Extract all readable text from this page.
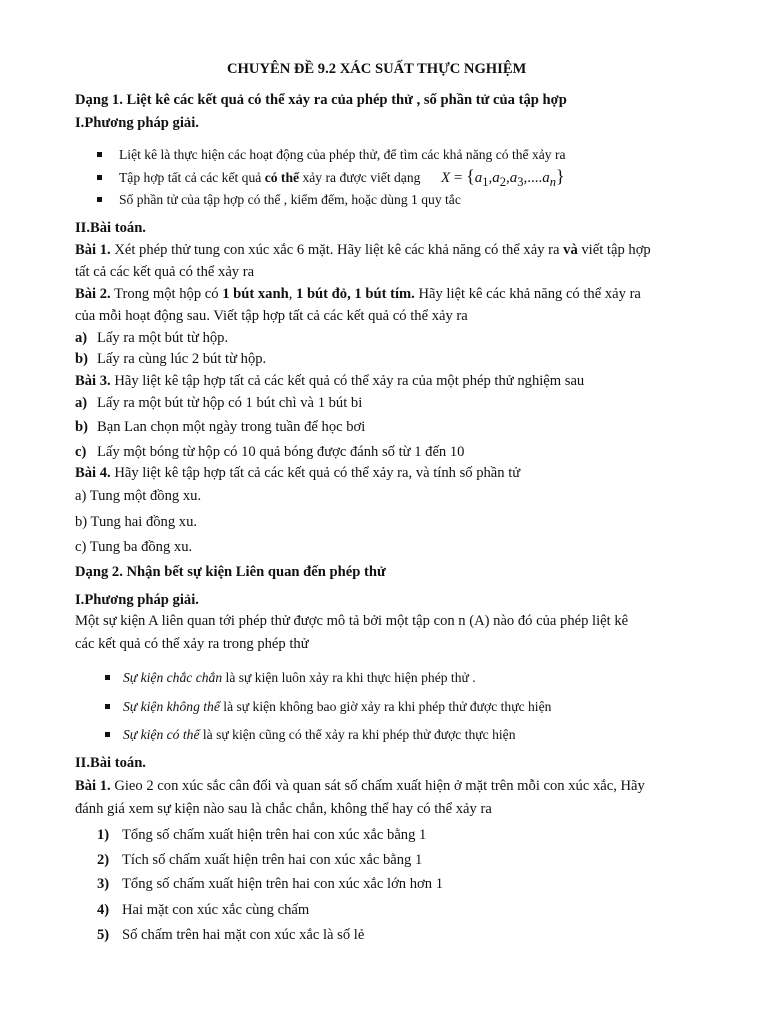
CHUYÊN ĐỀ 9.2 XÁC SUẤT THỰC NGHIỆM
Dạng 1. Liệt kê các kết quả có thể xảy ra của phép thử , số phần tử của tập hợp
I.Phương pháp giải.
Liệt kê là thực hiện các hoạt động của phép thử, để tìm các khả năng có thể xảy ra
Tập hợp tất cả các kết quả có thể xảy ra được viết dạng $X = \{a_1,a_2,a_3,....a_n\}$
Số phần tử của tập hợp có thể , kiểm đếm, hoặc dùng 1 quy tắc
II.Bài toán.
Bài 1. Xét phép thử tung con xúc xắc 6 mặt. Hãy liệt kê các khả năng có thể xảy ra và viết tập hợp
tất cả các kết quả có thể xảy ra
Bài 2. Trong một hộp có 1 bút xanh, 1 bút đỏ, 1 bút tím. Hãy liệt kê các khả năng có thể xảy ra
của mỗi hoạt động sau. Viết tập hợp tất cả các kết quả có thể xảy ra
a) Lấy ra một bút từ hộp.
b) Lấy ra cùng lúc 2 bút từ hộp.
Bài 3. Hãy liệt kê tập hợp tất cả các kết quả có thể xảy ra của một phép thử nghiệm sau
a) Lấy ra một bút từ hộp có 1 bút chì và 1 bút bi
b) Bạn Lan chọn một ngày trong tuần để học bơi
c) Lấy một bóng từ hộp có 10 quả bóng được đánh số từ 1 đến 10
Bài 4. Hãy liệt kê tập hợp tất cả các kết quả có thể xảy ra, và tính số phần tử
a) Tung một đồng xu.
b) Tung hai đồng xu.
c) Tung ba đồng xu.
Dạng 2. Nhận bết sự kiện Liên quan đến phép thử
I.Phương pháp giải.
Một sự kiện A liên quan tới phép thử được mô tả bởi một tập con n (A) nào đó của phép liệt kê
các kết quả có thể xảy ra trong phép thử
Sự kiện chắc chắn là sự kiện luôn xảy ra khi thực hiện phép thử .
Sự kiện không thể là sự kiện không bao giờ xảy ra khi phép thử được thực hiện
Sự kiện có thể là sự kiện cũng có thể xảy ra khi phép thử được thực hiện
II.Bài toán.
Bài 1. Gieo 2 con xúc sắc cân đối và quan sát số chấm xuất hiện ở mặt trên mỗi con xúc xắc, Hãy
đánh giá xem sự kiện nào sau là chắc chắn, không thể hay có thể xảy ra
1) Tổng số chấm xuất hiện trên hai con xúc xắc bằng 1
2) Tích số chấm xuất hiện trên hai con xúc xắc bằng 1
3) Tổng số chấm xuất hiện trên hai con xúc xắc lớn hơn 1
4) Hai mặt con xúc xắc cùng chấm
5) Số chấm trên hai mặt con xúc xắc là số lẻ
